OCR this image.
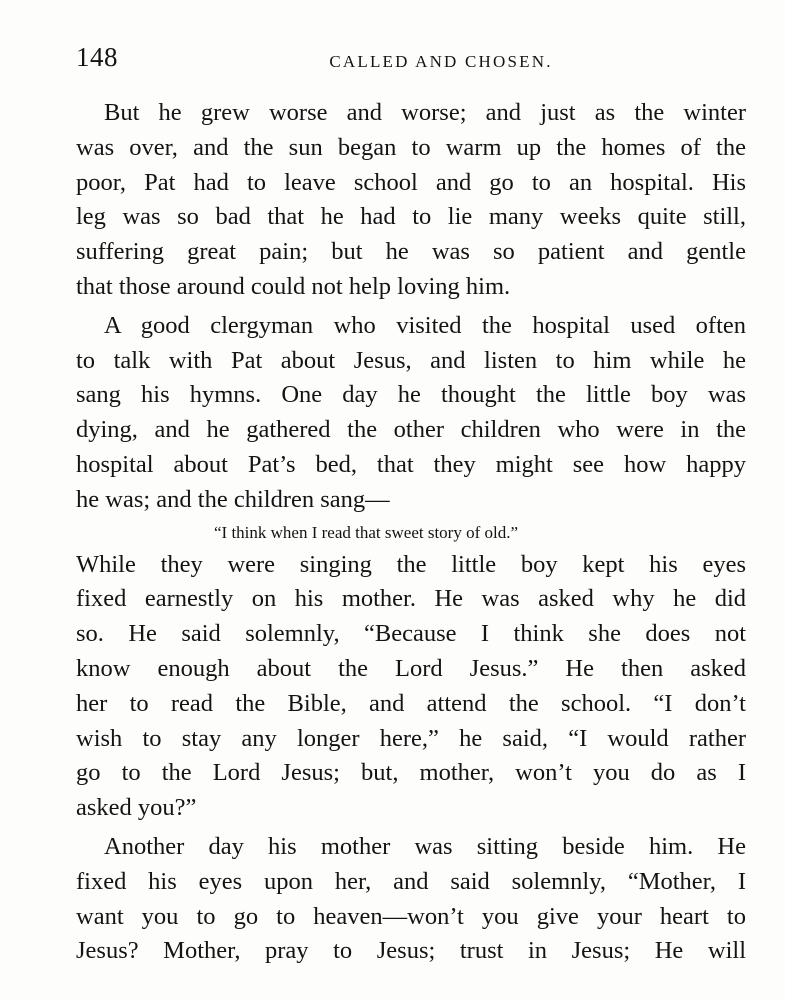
148	CALLED AND CHOSEN.
But he grew worse and worse; and just as the winter
was over, and the sun began to warm up the homes of the
poor, Pat had to leave school and go to an hospital. His
leg was so bad that he had to lie many weeks quite still,
suffering great pain; but he was so patient and gentle
that those around could not help loving him.
A good clergyman who visited the hospital used often
to talk with Pat about Jesus, and listen to him while he
sang his hymns. One day he thought the little boy was
dying, and he gathered the other children who were in the
hospital about Pat’s bed, that they might see how happy
he was; and the children sang—
“I think when I read that sweet story of old.”
While they were singing the little boy kept his eyes
fixed earnestly on his mother. He was asked why he did
so. He said solemnly, “Because I think she does not
know enough about the Lord Jesus.” He then asked
her to read the Bible, and attend the school. “I don’t
wish to stay any longer here,” he said, “I would rather
go to the Lord Jesus; but, mother, won’t you do as I
asked you?”
Another day his mother was sitting beside him. He
fixed his eyes upon her, and said solemnly, “Mother, I
want you to go to heaven—won’t you give your heart to
Jesus? Mother, pray to Jesus; trust in Jesus; He will
